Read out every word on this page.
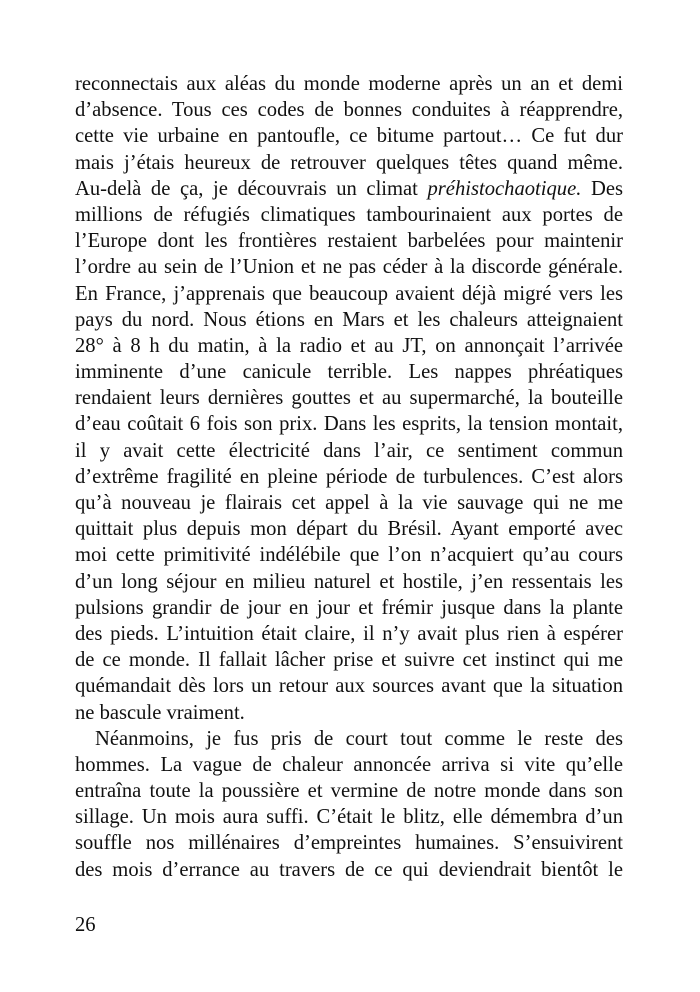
reconnectais aux aléas du monde moderne après un an et demi
d’absence. Tous ces codes de bonnes conduites à réapprendre,
cette vie urbaine en pantoufle, ce bitume partout… Ce fut dur
mais j’étais heureux de retrouver quelques têtes quand même.
Au-delà de ça, je découvrais un climat préhistochaotique. Des
millions de réfugiés climatiques tambourinaient aux portes de
l’Europe dont les frontières restaient barbelées pour maintenir
l’ordre au sein de l’Union et ne pas céder à la discorde générale.
En France, j’apprenais que beaucoup avaient déjà migré vers les
pays du nord. Nous étions en Mars et les chaleurs atteignaient
28° à 8 h du matin, à la radio et au JT, on annonçait l’arrivée
imminente d’une canicule terrible. Les nappes phréatiques
rendaient leurs dernières gouttes et au supermarché, la bouteille
d’eau coûtait 6 fois son prix. Dans les esprits, la tension montait,
il y avait cette électricité dans l’air, ce sentiment commun
d’extrême fragilité en pleine période de turbulences. C’est alors
qu’à nouveau je flairais cet appel à la vie sauvage qui ne me
quittait plus depuis mon départ du Brésil. Ayant emporté avec
moi cette primitivité indélébile que l’on n’acquiert qu’au cours
d’un long séjour en milieu naturel et hostile, j’en ressentais les
pulsions grandir de jour en jour et frémir jusque dans la plante
des pieds. L’intuition était claire, il n’y avait plus rien à espérer
de ce monde. Il fallait lâcher prise et suivre cet instinct qui me
quémandait dès lors un retour aux sources avant que la situation
ne bascule vraiment.
Néanmoins, je fus pris de court tout comme le reste des
hommes. La vague de chaleur annoncée arriva si vite qu’elle
entraîna toute la poussière et vermine de notre monde dans son
sillage. Un mois aura suffi. C’était le blitz, elle démembra d’un
souffle nos millénaires d’empreintes humaines. S’ensuivirent
des mois d’errance au travers de ce qui deviendrait bientôt le
26
